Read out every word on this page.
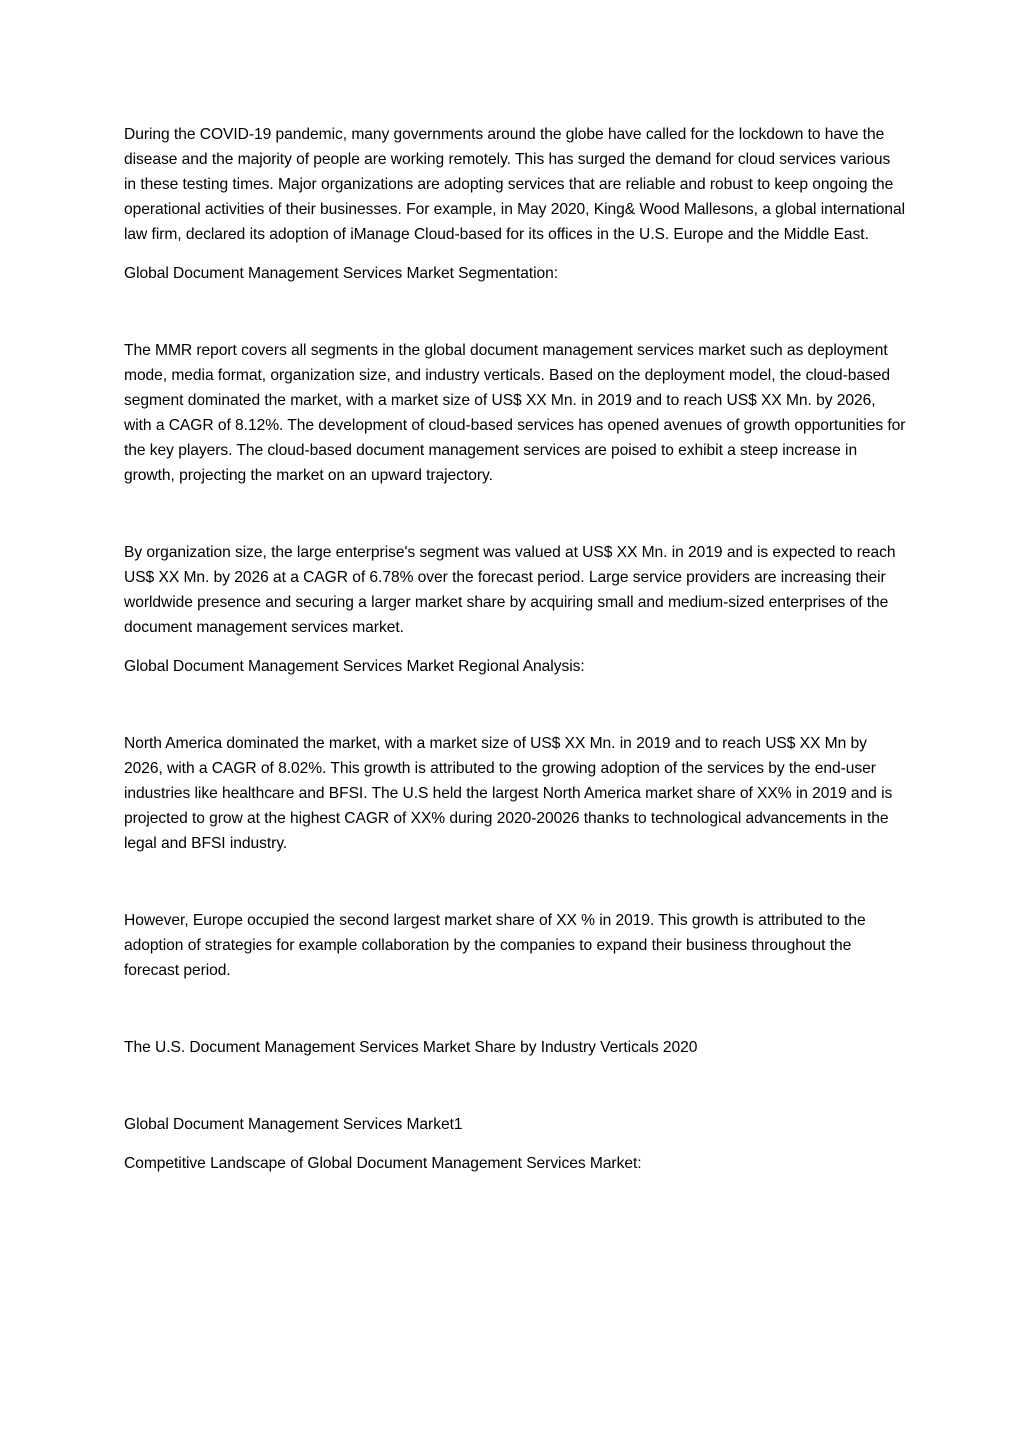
During the COVID-19 pandemic, many governments around the globe have called for the lockdown to have the disease and the majority of people are working remotely. This has surged the demand for cloud services various in these testing times. Major organizations are adopting services that are reliable and robust to keep ongoing the operational activities of their businesses. For example, in May 2020, King& Wood Mallesons, a global international law firm, declared its adoption of iManage Cloud-based for its offices in the U.S. Europe and the Middle East.

Global Document Management Services Market Segmentation:

The MMR report covers all segments in the global document management services market such as deployment mode, media format, organization size, and industry verticals. Based on the deployment model, the cloud-based segment dominated the market, with a market size of US$ XX Mn. in 2019 and to reach US$ XX Mn. by 2026, with a CAGR of 8.12%. The development of cloud-based services has opened avenues of growth opportunities for the key players. The cloud-based document management services are poised to exhibit a steep increase in growth, projecting the market on an upward trajectory.

By organization size, the large enterprise's segment was valued at US$ XX Mn. in 2019 and is expected to reach US$ XX Mn. by 2026 at a CAGR of 6.78% over the forecast period. Large service providers are increasing their worldwide presence and securing a larger market share by acquiring small and medium-sized enterprises of the document management services market.

Global Document Management Services Market Regional Analysis:

North America dominated the market, with a market size of US$ XX Mn. in 2019 and to reach US$ XX Mn by 2026, with a CAGR of 8.02%. This growth is attributed to the growing adoption of the services by the end-user industries like healthcare and BFSI. The U.S held the largest North America market share of XX% in 2019 and is projected to grow at the highest CAGR of XX% during 2020-20026 thanks to technological advancements in the legal and BFSI industry.

However, Europe occupied the second largest market share of XX % in 2019. This growth is attributed to the adoption of strategies for example collaboration by the companies to expand their business throughout the forecast period.

The U.S. Document Management Services Market Share by Industry Verticals 2020

Global Document Management Services Market1

Competitive Landscape of Global Document Management Services Market:
